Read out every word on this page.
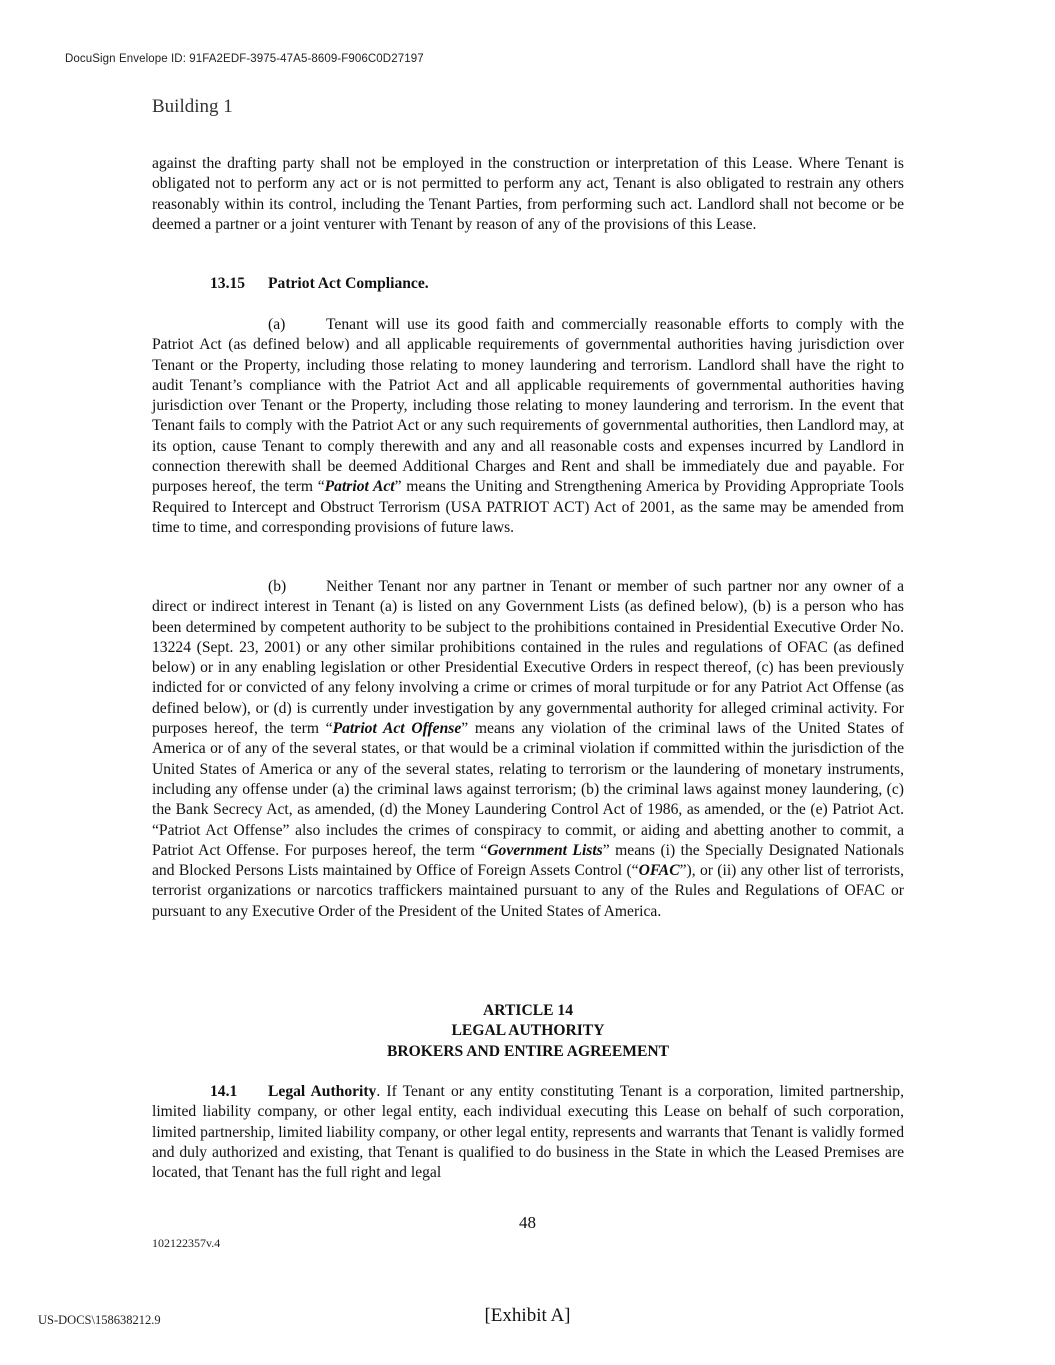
DocuSign Envelope ID: 91FA2EDF-3975-47A5-8609-F906C0D27197
Building 1
against the drafting party shall not be employed in the construction or interpretation of this Lease. Where Tenant is obligated not to perform any act or is not permitted to perform any act, Tenant is also obligated to restrain any others reasonably within its control, including the Tenant Parties, from performing such act. Landlord shall not become or be deemed a partner or a joint venturer with Tenant by reason of any of the provisions of this Lease.
13.15 Patriot Act Compliance.
(a)	Tenant will use its good faith and commercially reasonable efforts to comply with the Patriot Act (as defined below) and all applicable requirements of governmental authorities having jurisdiction over Tenant or the Property, including those relating to money laundering and terrorism. Landlord shall have the right to audit Tenant’s compliance with the Patriot Act and all applicable requirements of governmental authorities having jurisdiction over Tenant or the Property, including those relating to money laundering and terrorism. In the event that Tenant fails to comply with the Patriot Act or any such requirements of governmental authorities, then Landlord may, at its option, cause Tenant to comply therewith and any and all reasonable costs and expenses incurred by Landlord in connection therewith shall be deemed Additional Charges and Rent and shall be immediately due and payable. For purposes hereof, the term “Patriot Act” means the Uniting and Strengthening America by Providing Appropriate Tools Required to Intercept and Obstruct Terrorism (USA PATRIOT ACT) Act of 2001, as the same may be amended from time to time, and corresponding provisions of future laws.
(b)	Neither Tenant nor any partner in Tenant or member of such partner nor any owner of a direct or indirect interest in Tenant (a) is listed on any Government Lists (as defined below), (b) is a person who has been determined by competent authority to be subject to the prohibitions contained in Presidential Executive Order No. 13224 (Sept. 23, 2001) or any other similar prohibitions contained in the rules and regulations of OFAC (as defined below) or in any enabling legislation or other Presidential Executive Orders in respect thereof, (c) has been previously indicted for or convicted of any felony involving a crime or crimes of moral turpitude or for any Patriot Act Offense (as defined below), or (d) is currently under investigation by any governmental authority for alleged criminal activity. For purposes hereof, the term “Patriot Act Offense” means any violation of the criminal laws of the United States of America or of any of the several states, or that would be a criminal violation if committed within the jurisdiction of the United States of America or any of the several states, relating to terrorism or the laundering of monetary instruments, including any offense under (a) the criminal laws against terrorism; (b) the criminal laws against money laundering, (c) the Bank Secrecy Act, as amended, (d) the Money Laundering Control Act of 1986, as amended, or the (e) Patriot Act. “Patriot Act Offense” also includes the crimes of conspiracy to commit, or aiding and abetting another to commit, a Patriot Act Offense. For purposes hereof, the term “Government Lists” means (i) the Specially Designated Nationals and Blocked Persons Lists maintained by Office of Foreign Assets Control (“OFAC”), or (ii) any other list of terrorists, terrorist organizations or narcotics traffickers maintained pursuant to any of the Rules and Regulations of OFAC or pursuant to any Executive Order of the President of the United States of America.
ARTICLE 14
LEGAL AUTHORITY
BROKERS AND ENTIRE AGREEMENT
14.1 Legal Authority. If Tenant or any entity constituting Tenant is a corporation, limited partnership, limited liability company, or other legal entity, each individual executing this Lease on behalf of such corporation, limited partnership, limited liability company, or other legal entity, represents and warrants that Tenant is validly formed and duly authorized and existing, that Tenant is qualified to do business in the State in which the Leased Premises are located, that Tenant has the full right and legal
48
102122357v.4
US-DOCS\158638212.9	[Exhibit A]
